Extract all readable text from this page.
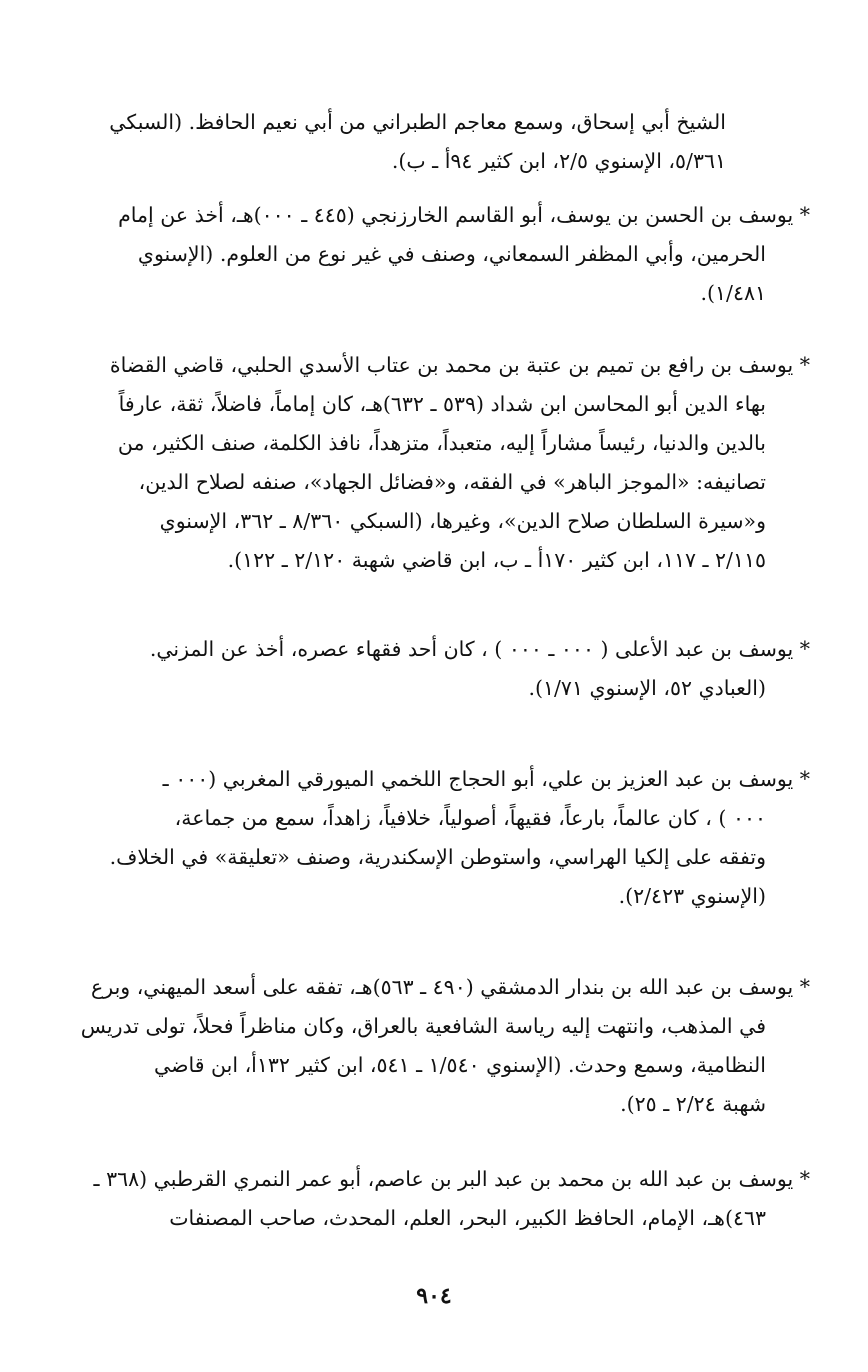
الشيخ أبي إسحاق، وسمع معاجم الطبراني من أبي نعيم الحافظ. (السبكي
٥/٣٦١، الإسنوي ٢/٥، ابن كثير ٩٤أ ـ ب).
* يوسف بن الحسن بن يوسف، أبو القاسم الخارزنجي (٤٤٥ ـ ٠٠٠)هـ، أخذ عن إمام
الحرمين، وأبي المظفر السمعاني، وصنف في غير نوع من العلوم. (الإسنوي
١/٤٨١).
* يوسف بن رافع بن تميم بن عتبة بن محمد بن عتاب الأسدي الحلبي، قاضي القضاة
بهاء الدين أبو المحاسن ابن شداد (٥٣٩ ـ ٦٣٢)هـ، كان إماماً، فاضلاً، ثقة، عارفاً
بالدين والدنيا، رئيساً مشاراً إليه، متعبداً، متزهداً، نافذ الكلمة، صنف الكثير، من
تصانيفه: «الموجز الباهر» في الفقه، و«فضائل الجهاد»، صنفه لصلاح الدين،
و«سيرة السلطان صلاح الدين»، وغيرها، (السبكي ٨/٣٦٠ ـ ٣٦٢، الإسنوي
٢/١١٥ ـ ١١٧، ابن كثير ١٧٠أ ـ ب، ابن قاضي شهبة ٢/١٢٠ ـ ١٢٢).
* يوسف بن عبد الأعلى ( ٠٠٠ ـ ٠٠٠ ) ، كان أحد فقهاء عصره، أخذ عن المزني.
(العبادي ٥٢، الإسنوي ١/٧١).
* يوسف بن عبد العزيز بن علي، أبو الحجاج اللخمي الميورقي المغربي (٠٠٠ ـ
٠٠٠ ) ، كان عالماً، بارعاً، فقيهاً، أصولياً، خلافياً، زاهداً، سمع من جماعة،
وتفقه على إلكيا الهراسي، واستوطن الإسكندرية، وصنف «تعليقة» في الخلاف.
(الإسنوي ٢/٤٢٣).
* يوسف بن عبد الله بن بندار الدمشقي (٤٩٠ ـ ٥٦٣)هـ، تفقه على أسعد الميهني، وبرع
في المذهب، وانتهت إليه رياسة الشافعية بالعراق، وكان مناظراً فحلاً، تولى تدريس
النظامية، وسمع وحدث. (الإسنوي ١/٥٤٠ ـ ٥٤١، ابن كثير ١٣٢أ، ابن قاضي
شهبة ٢/٢٤ ـ ٢٥).
* يوسف بن عبد الله بن محمد بن عبد البر بن عاصم، أبو عمر النمري القرطبي (٣٦٨ ـ
٤٦٣)هـ، الإمام، الحافظ الكبير، البحر، العلم، المحدث، صاحب المصنفات
٩٠٤
